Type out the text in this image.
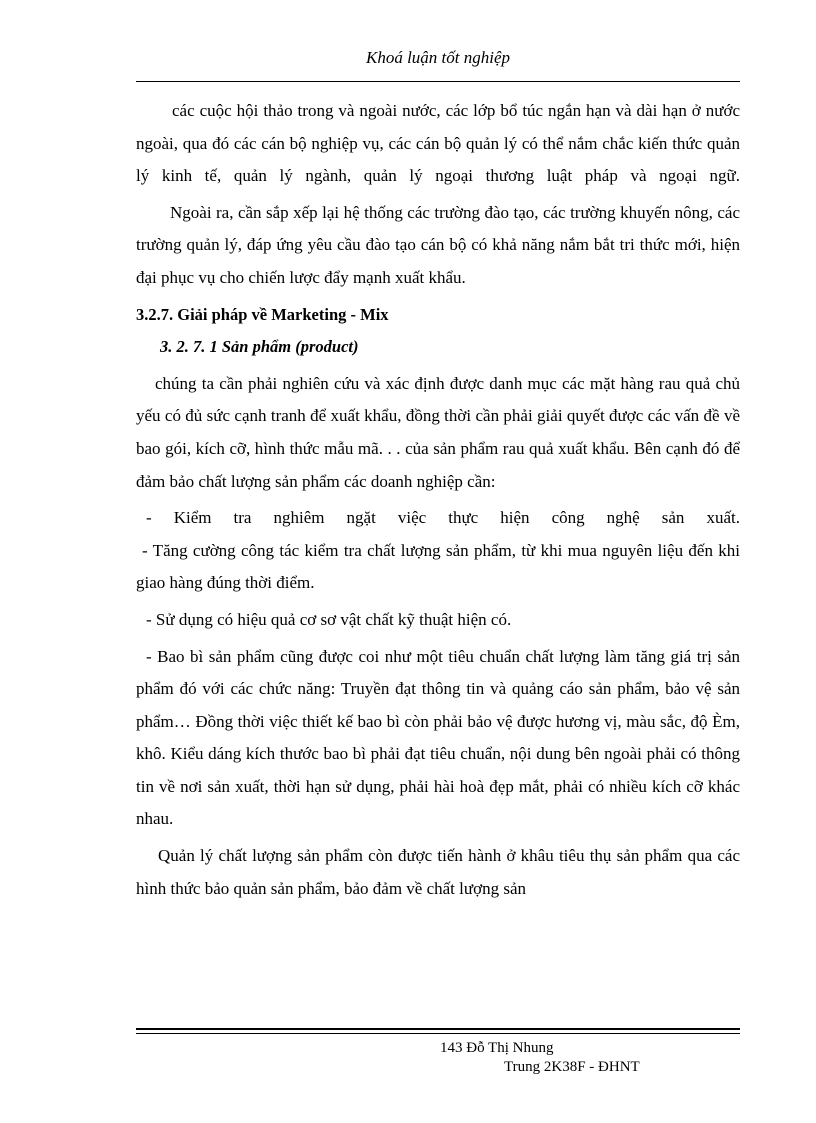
Khoá luận tốt nghiệp

các cuộc hội thảo trong và ngoài nước, các lớp bổ túc ngắn hạn và dài hạn ở nước ngoài, qua đó các cán bộ nghiệp vụ, các cán bộ quản lý có thể nắm chắc kiến thức quản lý kinh tế, quản lý ngành, quản lý ngoại thương luật pháp và ngoại ngữ.

Ngoài ra, cần sắp xếp lại hệ thống các trường đào tạo, các trường khuyến nông, các trường quản lý, đáp ứng yêu cầu đào tạo cán bộ có khả năng nắm bắt tri thức mới, hiện đại phục vụ cho chiến lược đẩy mạnh xuất khẩu.

3.2.7. Giải pháp về Marketing - Mix

3. 2. 7. 1 Sản phẩm (product)

chúng ta cần phải nghiên cứu và xác định được danh mục các mặt hàng rau quả chủ yếu có đủ sức cạnh tranh để xuất khẩu, đồng thời cần phải giải quyết được các vấn đề về bao gói, kích cỡ, hình thức mẫu mã. . . của sản phẩm rau quả xuất khẩu. Bên cạnh đó để đảm bảo chất lượng sản phẩm các doanh nghiệp cần:

- Kiểm tra nghiêm ngặt việc thực hiện công nghệ sản xuất.

- Tăng cường công tác kiểm tra chất lượng sản phẩm, từ khi mua nguyên liệu đến khi giao hàng đúng thời điểm.

- Sử dụng có hiệu quả cơ sơ vật chất kỹ thuật hiện có.

- Bao bì sản phẩm cũng được coi như một tiêu chuẩn chất lượng làm tăng giá trị sản phẩm đó với các chức năng: Truyền đạt thông tin và quảng cáo sản phẩm, bảo vệ sản phẩm… Đồng thời việc thiết kế bao bì còn phải bảo vệ được hương vị, màu sắc, độ Èm, khô. Kiểu dáng kích thước bao bì phải đạt tiêu chuẩn, nội dung bên ngoài phải có thông tin về nơi sản xuất, thời hạn sử dụng, phải hài hoà đẹp mắt, phải có nhiều kích cỡ khác nhau.

Quản lý chất lượng sản phẩm còn được tiến hành ở khâu tiêu thụ sản phẩm qua các hình thức bảo quản sản phẩm, bảo đảm về chất lượng sản

143 Đỗ Thị Nhung
Trung 2K38F - ĐHNT
